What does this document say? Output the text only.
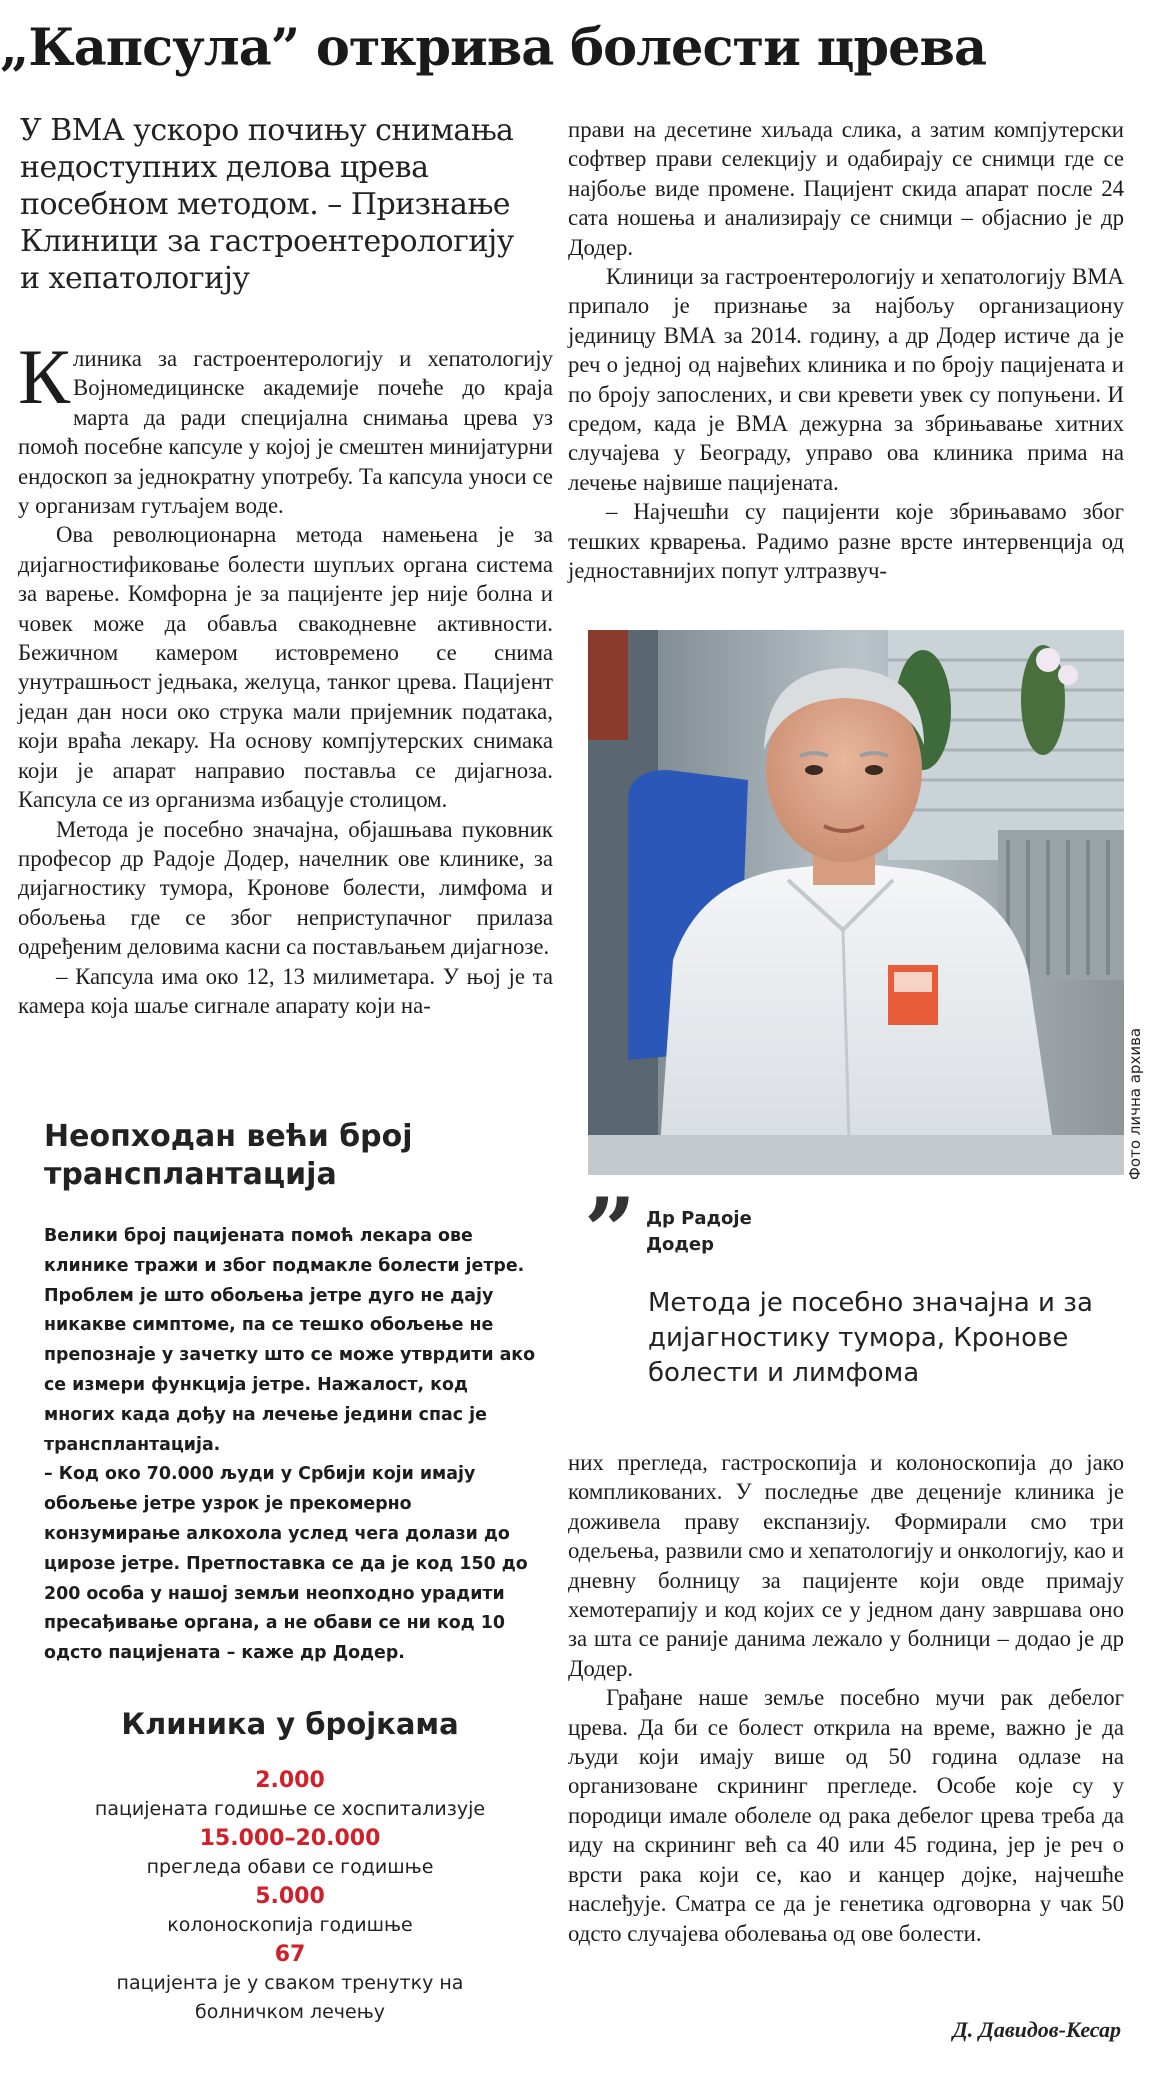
„Капсула” открива болести црева

У ВМА ускоро почињу снимања недоступних делова црева посебном методом. – Признање Клиници за гастроентерологију и хепатологију

Клиника за гастроентерологију и хепатологију Војномедицинске академије почеће до краја марта да ради специјална снимања црева уз помоћ посебне капсуле у којој је смештен минијатурни ендоскоп за једнократну употребу. Та капсула уноси се у организам гутљајем воде.

Ова революционарна метода намењена је за дијагностификовање болести шупљих органа система за варење. Комфорна је за пацијенте јер није болна и човек може да обавља свакодневне активности. Бежичном камером истовремено се снима унутрашњост једњака, желуца, танког црева. Пацијент један дан носи око струка мали пријемник података, који враћа лекару. На основу компјутерских снимака који је апарат направио поставља се дијагноза. Капсула се из организма избацује столицом.

Метода је посебно значајна, објашњава пуковник професор др Радоје Додер, начелник ове клинике, за дијагностику тумора, Кронове болести, лимфома и обољења где се због неприступачног прилаза одређеним деловима касни са постављањем дијагнозе.

– Капсула има око 12, 13 милиметара. У њој је та камера која шаље сигнале апарату који на-

прави на десетине хиљада слика, а затим компјутерски софтвер прави селекцију и одабирају се снимци где се најбоље виде промене. Пацијент скида апарат после 24 сата ношења и анализирају се снимци – објаснио је др Додер.

Клиници за гастроентерологију и хепатологију ВМА припало је признање за најбољу организациону јединицу ВМА за 2014. годину, а др Додер истиче да је реч о једној од највећих клиника и по броју пацијената и по броју запослених, и сви кревети увек су попуњени. И средом, када је ВМА дежурна за збрињавање хитних случајева у Београду, управо ова клиника прима на лечење највише пацијената.

– Најчешћи су пацијенти које збрињавамо због тешких крварења. Радимо разне врсте интервенција од једноставнијих попут ултразвуч-

Фото лична архива
” Др Радоје
Додер

Метода је посебно значајна и за дијагностику тумора, Кронове болести и лимфома

Неопходан већи број трансплантација

Велики број пацијената помоћ лекара ове клинике тражи и због подмакле болести јетре. Проблем је што обољења јетре дуго не дају никакве симптоме, па се тешко обољење не препознаје у зачетку што се може утврдити ако се измери функција јетре. Нажалост, код многих када дођу на лечење једини спас је трансплантација.

– Код око 70.000 људи у Србији који имају обољење јетре узрок је прекомерно конзумирање алкохола услед чега долази до цирозе јетре. Претпоставка се да је код 150 до 200 особа у нашој земљи неопходно урадити пресађивање органа, а не обави се ни код 10 одсто пацијената – каже др Додер.

Клиника у бројкама
2.000
пацијената годишње се хоспитализује
15.000–20.000
прегледа обави се годишње
5.000
колоноскопија годишње
67
пацијента је у сваком тренутку на болничком лечењу

них прегледа, гастроскопија и колоноскопија до јако компликованих. У последње две деценије клиника је доживела праву експанзију. Формирали смо три одељења, развили смо и хепатологију и онкологију, као и дневну болницу за пацијенте који овде примају хемотерапију и код којих се у једном дану завршава оно за шта се раније данима лежало у болници – додао је др Додер.

Грађане наше земље посебно мучи рак дебелог црева. Да би се болест открила на време, важно је да људи који имају више од 50 година одлазе на организоване скрининг прегледе. Особе које су у породици имале оболеле од рака дебелог црева треба да иду на скрининг већ са 40 или 45 година, јер је реч о врсти рака који се, као и канцер дојке, најчешће наслеђује. Сматра се да је генетика одговорна у чак 50 одсто случајева оболевања од ове болести.

Д. Давидов-Кесар
